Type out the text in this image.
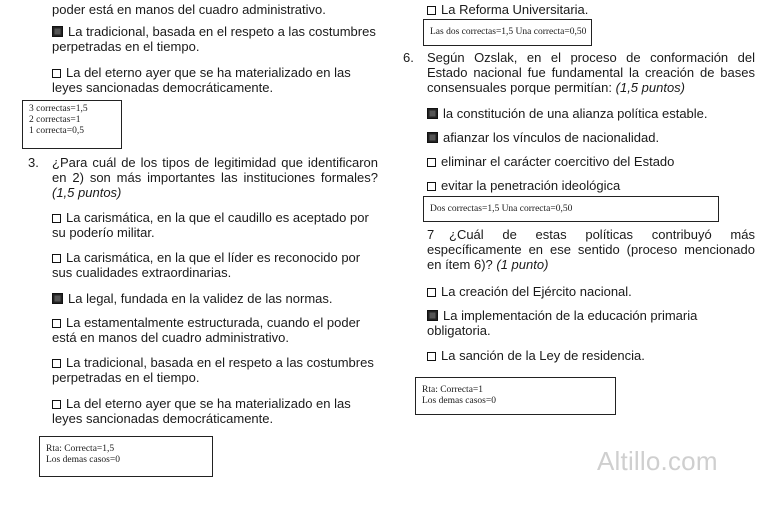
poder está en manos del cuadro administrativo.
La tradicional, basada en el respeto a las costumbres perpetradas en el tiempo.
La del eterno ayer que se ha materializado en las leyes sancionadas democráticamente.
3 correctas=1,5
2 correctas=1
1 correcta=0,5
3. ¿Para cuál de los tipos de legitimidad que identificaron en 2) son más importantes las instituciones formales? (1,5 puntos)
La carismática, en la que el caudillo es aceptado por su poderío militar.
La carismática, en la que el líder es reconocido por sus cualidades extraordinarias.
La legal, fundada en la validez de las normas.
La estamentalmente estructurada, cuando el poder está en manos del cuadro administrativo.
La tradicional, basada en el respeto a las costumbres perpetradas en el tiempo.
La del eterno ayer que se ha materializado en las leyes sancionadas democráticamente.
Rta: Correcta=1,5
Los demas casos=0
La Reforma Universitaria.
Las dos correctas=1,5 Una correcta=0,50
6. Según Ozslak, en el proceso de conformación del Estado nacional fue fundamental la creación de bases consensuales porque permitían: (1,5 puntos)
la constitución de una alianza política estable.
afianzar los vínculos de nacionalidad.
eliminar el carácter coercitivo del Estado
evitar la penetración ideológica
Dos correctas=1,5 Una correcta=0,50
7	¿Cuál de estas políticas contribuyó más específicamente en ese sentido (proceso mencionado en ítem 6)? (1 punto)
La creación del Ejército nacional.
La implementación de la educación primaria obligatoria.
La sanción de la Ley de residencia.
Rta: Correcta=1
Los demas casos=0
Altillo.com
